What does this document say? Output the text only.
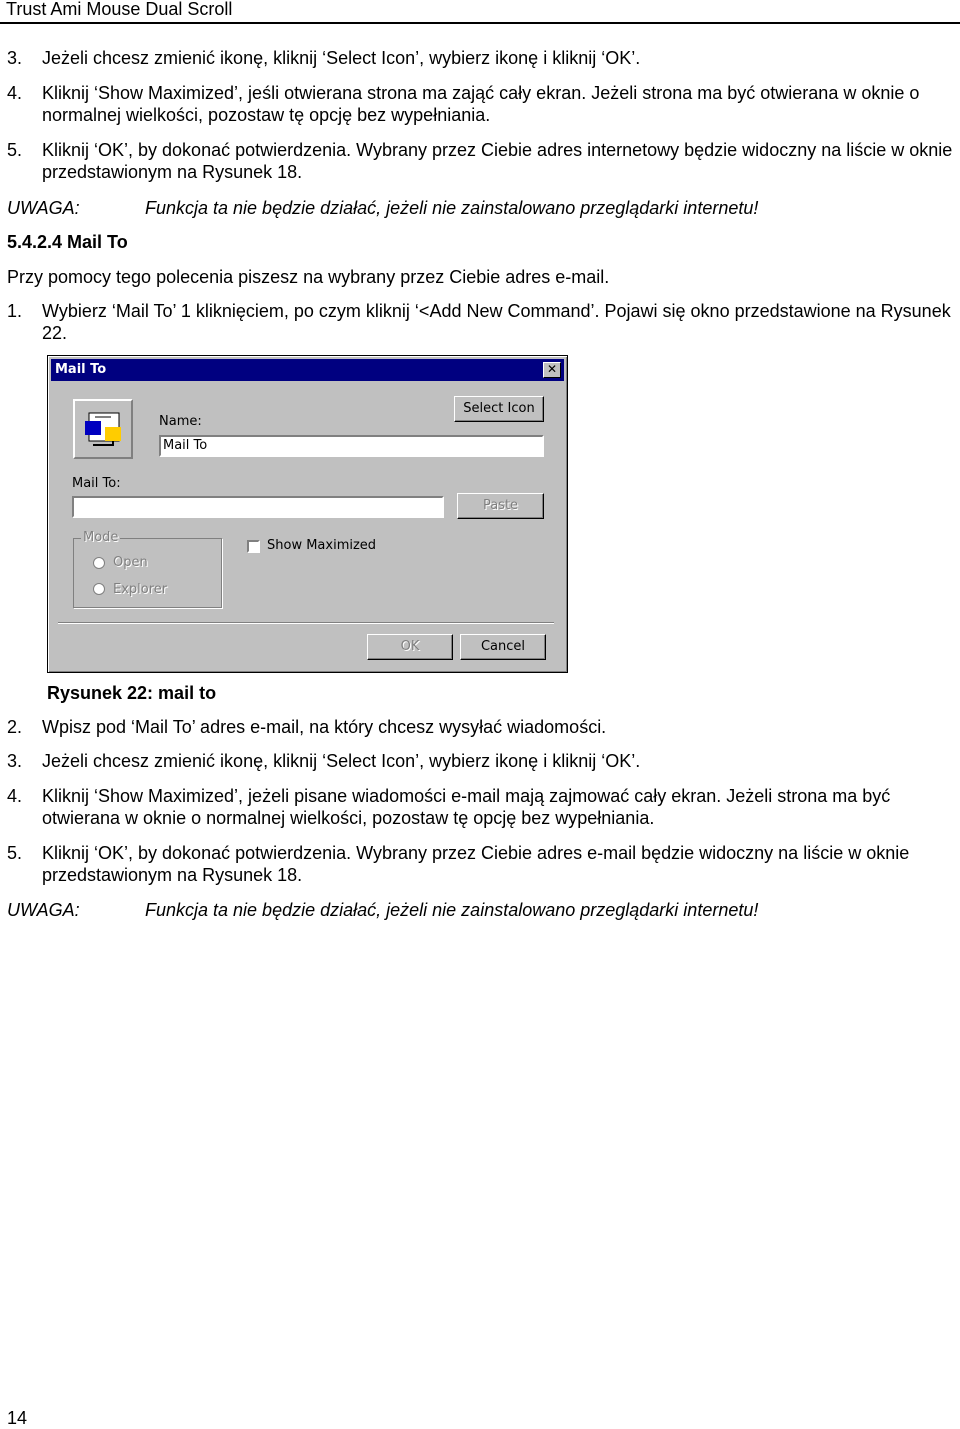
Trust Ami Mouse Dual Scroll
3. Jeżeli chcesz zmienić ikonę, kliknij ‘Select Icon’, wybierz ikonę i kliknij ‘OK’.
4. Kliknij ‘Show Maximized’, jeśli otwierana strona ma zająć cały ekran. Jeżeli strona ma być otwierana w oknie o normalnej wielkości, pozostaw tę opcję bez wypełniania.
5. Kliknij ‘OK’, by dokonać potwierdzenia. Wybrany przez Ciebie adres internetowy będzie widoczny na liście w oknie przedstawionym na Rysunek 18.
UWAGA:	Funkcja ta nie będzie działać, jeżeli nie zainstalowano przeglądarki internetu!
5.4.2.4 Mail To
Przy pomocy tego polecenia piszesz na wybrany przez Ciebie adres e-mail.
1. Wybierz ‘Mail To’ 1 kliknięciem, po czym kliknij ‘<Add New Command’. Pojawi się okno przedstawione na Rysunek 22.
Mail To	✕
Name:
Mail To
Select Icon
Mail To:
Paste
Mode
Open
Explorer
Show Maximized
OK	Cancel
Rysunek 22: mail to
2. Wpisz pod ‘Mail To’ adres e-mail, na który chcesz wysyłać wiadomości.
3. Jeżeli chcesz zmienić ikonę, kliknij ‘Select Icon’, wybierz ikonę i kliknij ‘OK’.
4. Kliknij ‘Show Maximized’, jeżeli pisane wiadomości e-mail mają zajmować cały ekran. Jeżeli strona ma być otwierana w oknie o normalnej wielkości, pozostaw tę opcję bez wypełniania.
5. Kliknij ‘OK’, by dokonać potwierdzenia. Wybrany przez Ciebie adres e-mail będzie widoczny na liście w oknie przedstawionym na Rysunek 18.
UWAGA:	Funkcja ta nie będzie działać, jeżeli nie zainstalowano przeglądarki internetu!
14
